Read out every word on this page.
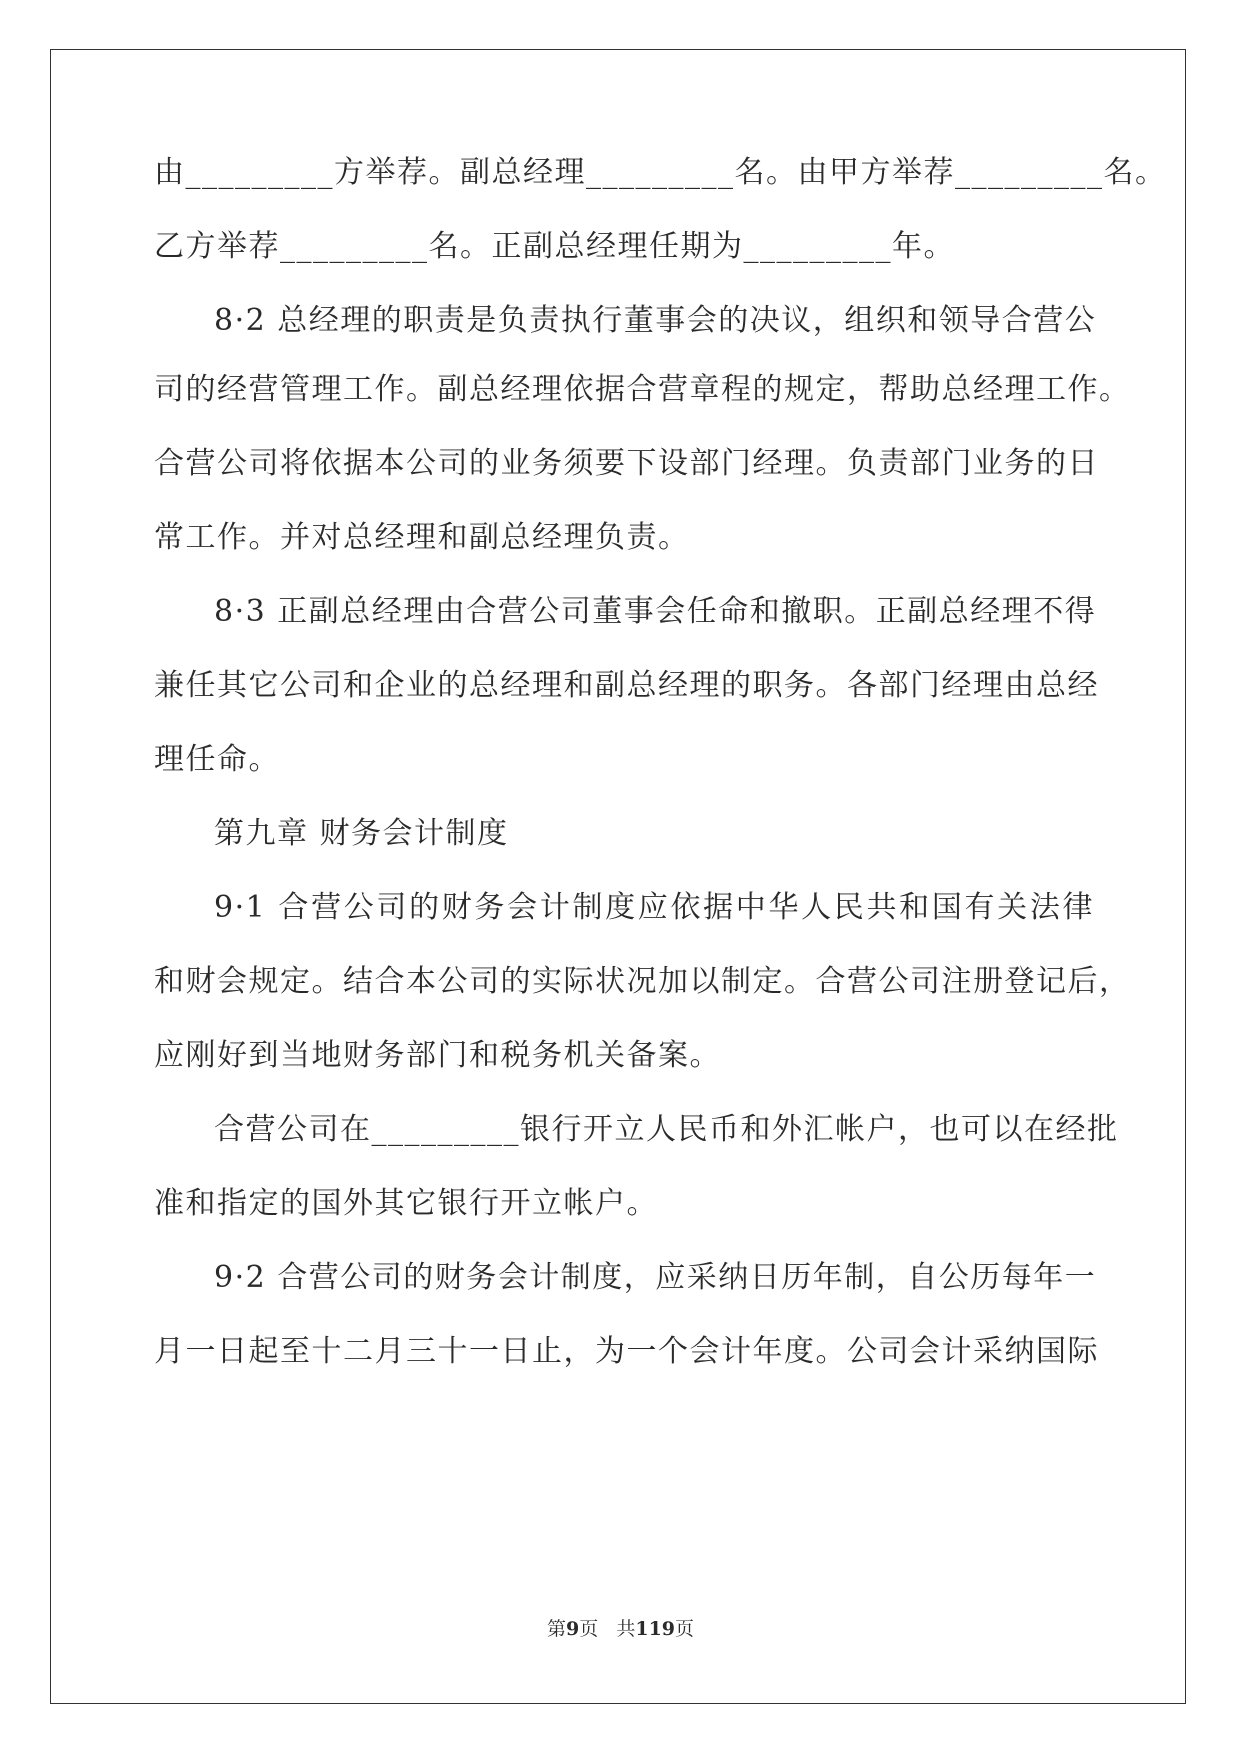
由_________方举荐。副总经理_________名。由甲方举荐_________名。
乙方举荐_________名。正副总经理任期为_________年。
8·2 总经理的职责是负责执行董事会的决议，组织和领导合营公
司的经营管理工作。副总经理依据合营章程的规定，帮助总经理工作。
合营公司将依据本公司的业务须要下设部门经理。负责部门业务的日
常工作。并对总经理和副总经理负责。
8·3 正副总经理由合营公司董事会任命和撤职。正副总经理不得
兼任其它公司和企业的总经理和副总经理的职务。各部门经理由总经
理任命。
第九章 财务会计制度
9·1 合营公司的财务会计制度应依据中华人民共和国有关法律
和财会规定。结合本公司的实际状况加以制定。合营公司注册登记后，
应刚好到当地财务部门和税务机关备案。
合营公司在_________银行开立人民币和外汇帐户，也可以在经批
准和指定的国外其它银行开立帐户。
9·2 合营公司的财务会计制度，应采纳日历年制，自公历每年一
月一日起至十二月三十一日止，为一个会计年度。公司会计采纳国际
第9页   共119页
